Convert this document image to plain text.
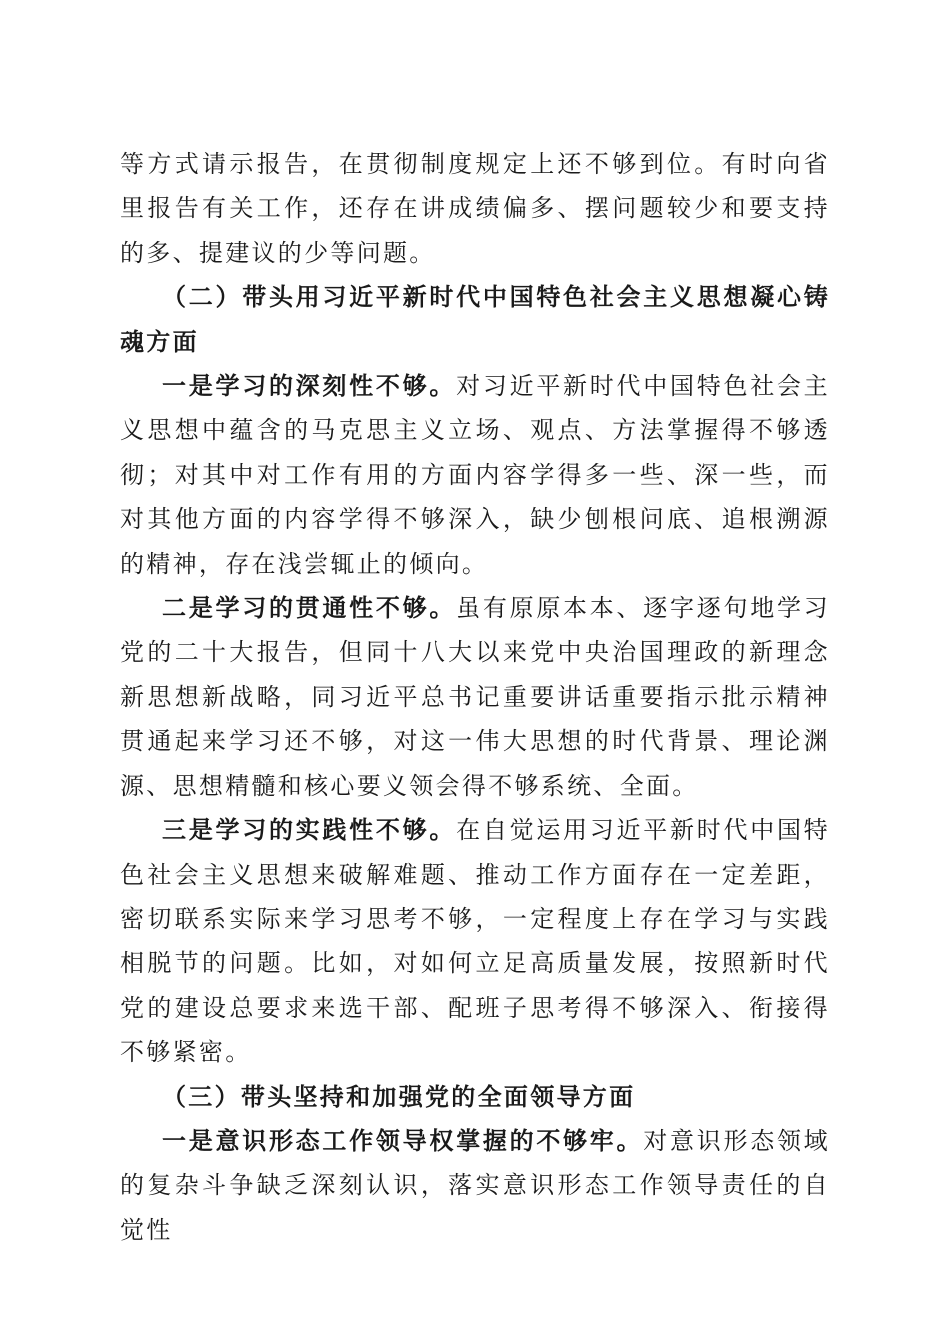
等方式请示报告，在贯彻制度规定上还不够到位。有时向省里报告有关工作，还存在讲成绩偏多、摆问题较少和要支持的多、提建议的少等问题。

（二）带头用习近平新时代中国特色社会主义思想凝心铸魂方面

一是学习的深刻性不够。对习近平新时代中国特色社会主义思想中蕴含的马克思主义立场、观点、方法掌握得不够透彻；对其中对工作有用的方面内容学得多一些、深一些，而对其他方面的内容学得不够深入，缺少刨根问底、追根溯源的精神，存在浅尝辄止的倾向。

二是学习的贯通性不够。虽有原原本本、逐字逐句地学习党的二十大报告，但同十八大以来党中央治国理政的新理念新思想新战略，同习近平总书记重要讲话重要指示批示精神贯通起来学习还不够，对这一伟大思想的时代背景、理论渊源、思想精髓和核心要义领会得不够系统、全面。

三是学习的实践性不够。在自觉运用习近平新时代中国特色社会主义思想来破解难题、推动工作方面存在一定差距，密切联系实际来学习思考不够，一定程度上存在学习与实践相脱节的问题。比如，对如何立足高质量发展，按照新时代党的建设总要求来选干部、配班子思考得不够深入、衔接得不够紧密。

（三）带头坚持和加强党的全面领导方面

一是意识形态工作领导权掌握的不够牢。对意识形态领域的复杂斗争缺乏深刻认识，落实意识形态工作领导责任的自觉性
